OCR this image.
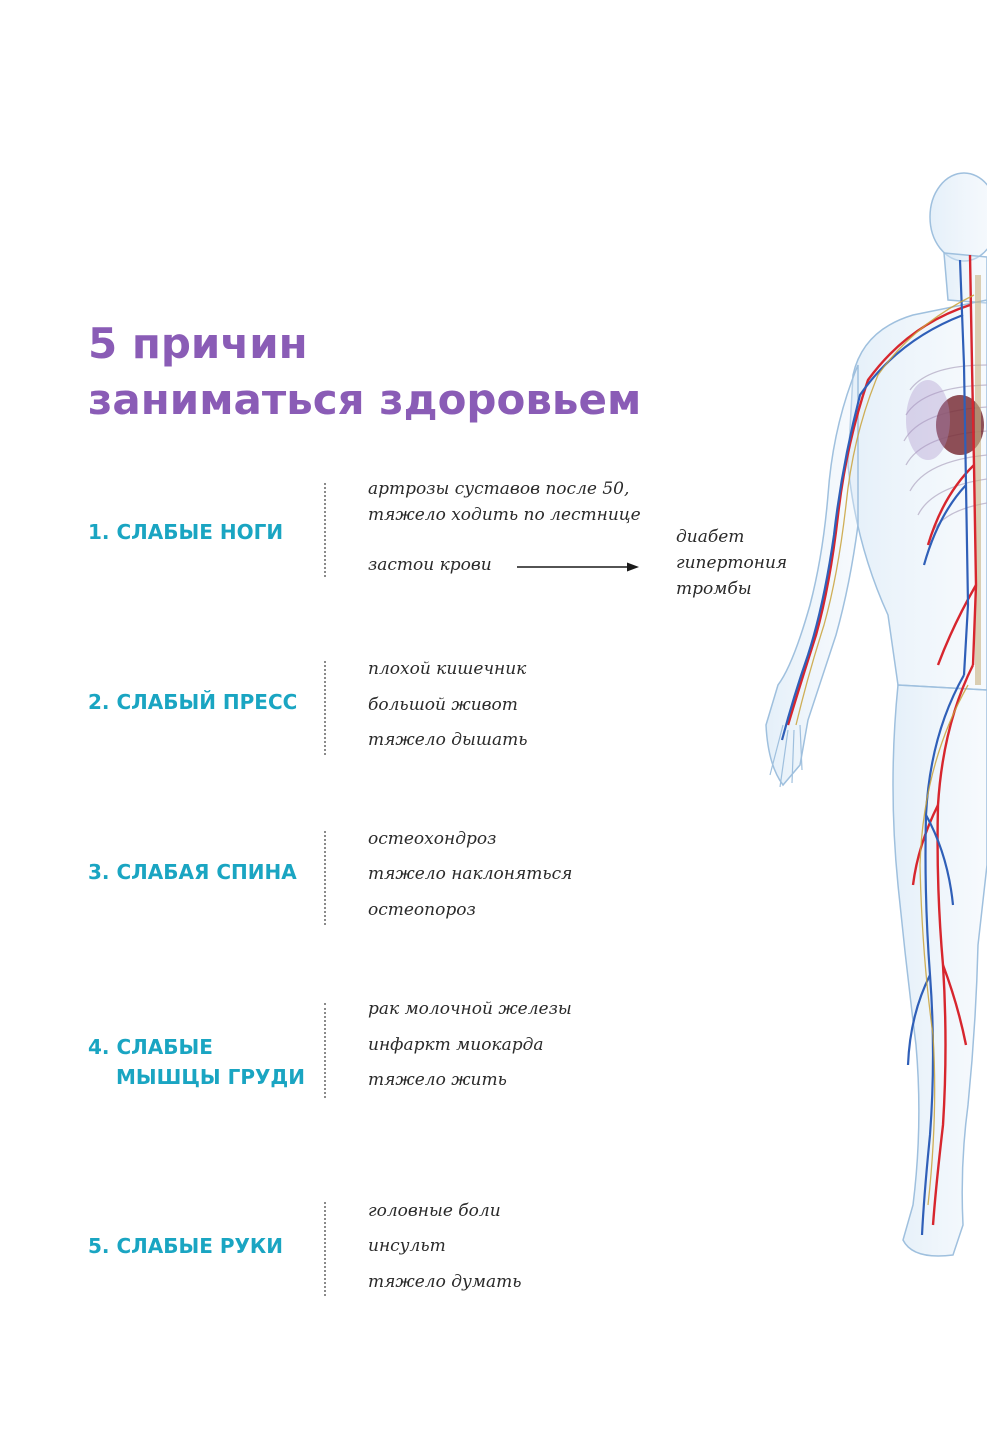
5 причин
заниматься здоровьем
1. СЛАБЫЕ НОГИ

артрозы суставов после 50,

тяжело ходить по лестнице

застои крови

диабет
гипертония
тромбы
2. СЛАБЫЙ ПРЕСС

плохой кишечник

большой живот

тяжело дышать

3. СЛАБАЯ СПИНА

остеохондроз

тяжело наклоняться

остеопороз

4. СЛАБЫЕ
МЫШЦЫ ГРУДИ

рак молочной железы

инфаркт миокарда

тяжело жить

5. СЛАБЫЕ РУКИ

головные боли

инсульт

тяжело думать
